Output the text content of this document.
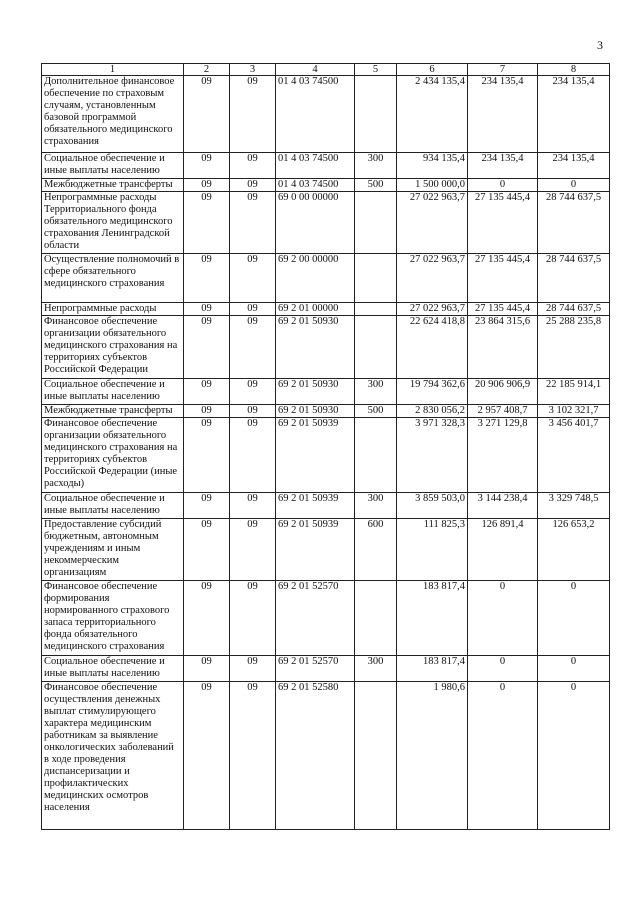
3
1	2	3	4	5	6	7	8
Дополнительное финансовое обеспечение по страховым случаям, установленным базовой программой обязательного медицинского страхования	09	09	01 4 03 74500		2 434 135,4	234 135,4	234 135,4
Социальное обеспечение и иные выплаты населению	09	09	01 4 03 74500	300	934 135,4	234 135,4	234 135,4
Межбюджетные трансферты	09	09	01 4 03 74500	500	1 500 000,0	0	0
Непрограммные расходы Территориального фонда обязательного медицинского страхования Ленинградской области	09	09	69 0 00 00000		27 022 963,7	27 135 445,4	28 744 637,5
Осуществление полномочий в сфере обязательного медицинского страхования	09	09	69 2 00 00000		27 022 963,7	27 135 445,4	28 744 637,5
Непрограммные расходы	09	09	69 2 01 00000		27 022 963,7	27 135 445,4	28 744 637,5
Финансовое обеспечение организации обязательного медицинского страхования на территориях субъектов Российской Федерации	09	09	69 2 01 50930		22 624 418,8	23 864 315,6	25 288 235,8
Социальное обеспечение и иные выплаты населению	09	09	69 2 01 50930	300	19 794 362,6	20 906 906,9	22 185 914,1
Межбюджетные трансферты	09	09	69 2 01 50930	500	2 830 056,2	2 957 408,7	3 102 321,7
Финансовое обеспечение организации обязательного медицинского страхования на территориях субъектов Российской Федерации (иные расходы)	09	09	69 2 01 50939		3 971 328,3	3 271 129,8	3 456 401,7
Социальное обеспечение и иные выплаты населению	09	09	69 2 01 50939	300	3 859 503,0	3 144 238,4	3 329 748,5
Предоставление субсидий бюджетным, автономным учреждениям и иным некоммерческим организациям	09	09	69 2 01 50939	600	111 825,3	126 891,4	126 653,2
Финансовое обеспечение формирования нормированного страхового запаса территориального фонда обязательного медицинского страхования	09	09	69 2 01 52570		183 817,4	0	0
Социальное обеспечение и иные выплаты населению	09	09	69 2 01 52570	300	183 817,4	0	0
Финансовое обеспечение осуществления денежных выплат стимулирующего характера медицинским работникам за выявление онкологических заболеваний в ходе проведения диспансеризации и профилактических медицинских осмотров населения	09	09	69 2 01 52580		1 980,6	0	0
